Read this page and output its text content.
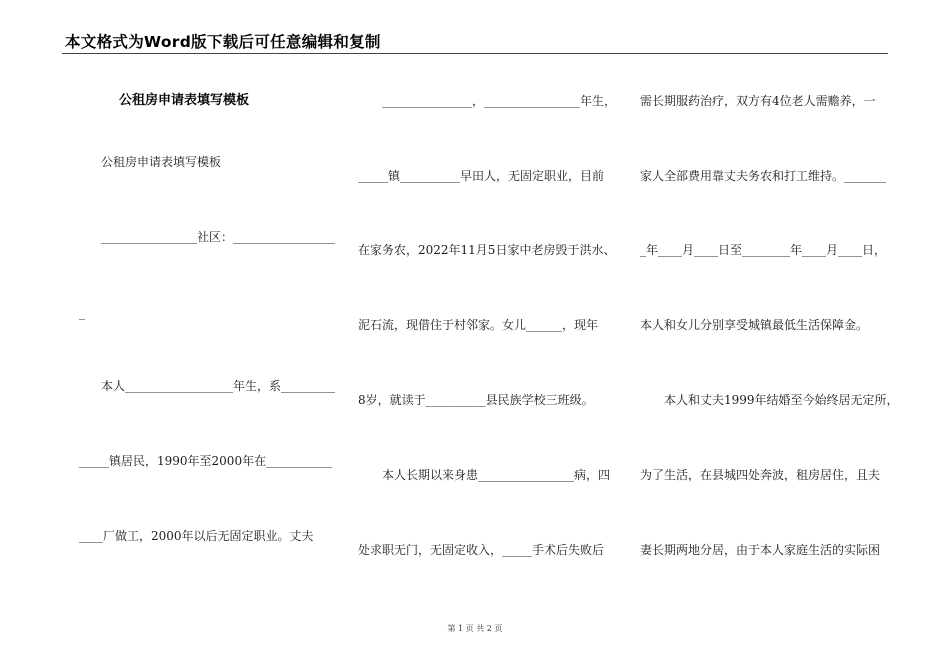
本文格式为Word版下载后可任意编辑和复制
公租房申请表填写模板
公租房申请表填写模板
________________社区：_________________
_
本人__________________年生，系_________
_____镇居民，1990年至2000年在___________
____厂做工，2000年以后无固定职业。丈夫
_______________，________________年生，
_____镇__________早田人，无固定职业，目前
在家务农，2022年11月5日家中老房毁于洪水、
泥石流，现借住于村邻家。女儿______，现年
8岁，就读于__________县民族学校三班级。
本人长期以来身患________________病，四
处求职无门，无固定收入，_____手术后失败后
需长期服药治疗，双方有4位老人需赡养，一
家人全部费用靠丈夫务农和打工维持。_______
_年____月____日至________年____月____日，
本人和女儿分别享受城镇最低生活保障金。
本人和丈夫1999年结婚至今始终居无定所，
为了生活，在县城四处奔波，租房居住，且夫
妻长期两地分居，由于本人家庭生活的实际困
第 1 页 共 2 页
